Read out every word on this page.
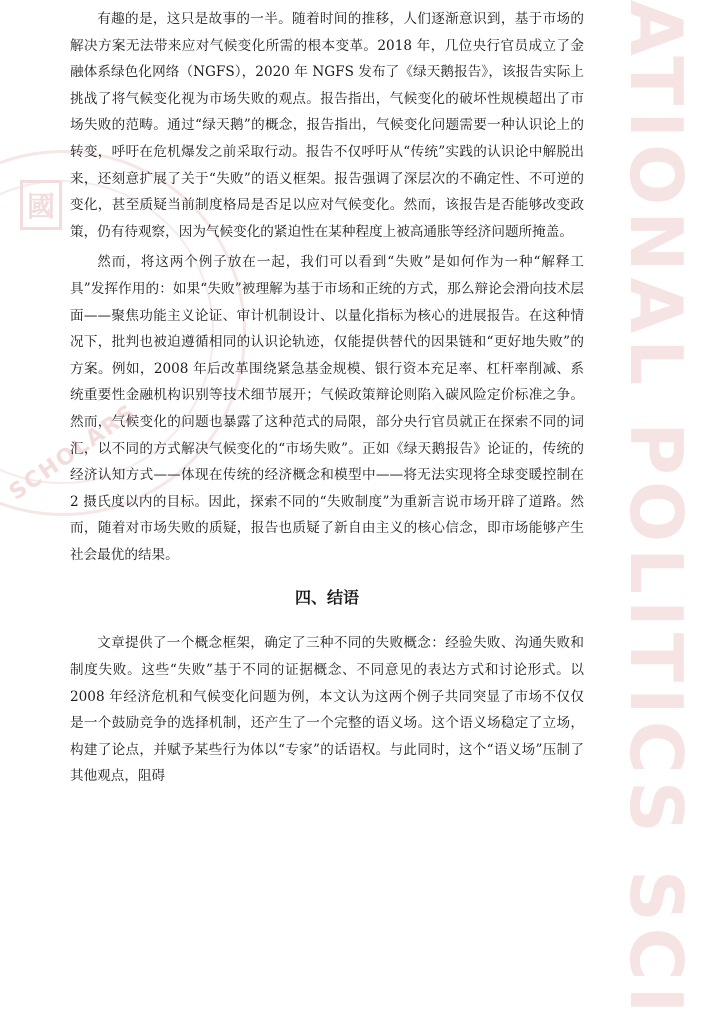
國
SCHOLARS	ATIONAL POLITICS SCI

有趣的是，这只是故事的一半。随着时间的推移，人们逐渐意识到，基于市场的解决方案无法带来应对气候变化所需的根本变革。2018 年，几位央行官员成立了金融体系绿色化网络（NGFS），2020 年 NGFS 发布了《绿天鹅报告》，该报告实际上挑战了将气候变化视为市场失败的观点。报告指出，气候变化的破坏性规模超出了市场失败的范畴。通过“绿天鹅”的概念，报告指出，气候变化问题需要一种认识论上的转变，呼吁在危机爆发之前采取行动。报告不仅呼吁从“传统”实践的认识论中解脱出来，还刻意扩展了关于“失败”的语义框架。报告强调了深层次的不确定性、不可逆的变化，甚至质疑当前制度格局是否足以应对气候变化。然而，该报告是否能够改变政策，仍有待观察，因为气候变化的紧迫性在某种程度上被高通胀等经济问题所掩盖。

然而，将这两个例子放在一起，我们可以看到“失败”是如何作为一种“解释工具”发挥作用的：如果“失败”被理解为基于市场和正统的方式，那么辩论会滑向技术层面——聚焦功能主义论证、审计机制设计、以量化指标为核心的进展报告。在这种情况下，批判也被迫遵循相同的认识论轨迹，仅能提供替代的因果链和“更好地失败”的方案。例如，2008 年后改革围绕紧急基金规模、银行资本充足率、杠杆率削减、系统重要性金融机构识别等技术细节展开；气候政策辩论则陷入碳风险定价标准之争。然而，气候变化的问题也暴露了这种范式的局限，部分央行官员就正在探索不同的词汇，以不同的方式解决气候变化的“市场失败”。正如《绿天鹅报告》论证的，传统的经济认知方式——体现在传统的经济概念和模型中——将无法实现将全球变暖控制在 2 摄氏度以内的目标。因此，探索不同的“失败制度”为重新言说市场开辟了道路。然而，随着对市场失败的质疑，报告也质疑了新自由主义的核心信念，即市场能够产生社会最优的结果。

四、结语

文章提供了一个概念框架，确定了三种不同的失败概念：经验失败、沟通失败和制度失败。这些“失败”基于不同的证据概念、不同意见的表达方式和讨论形式。以 2008 年经济危机和气候变化问题为例，本文认为这两个例子共同突显了市场不仅仅是一个鼓励竞争的选择机制，还产生了一个完整的语义场。这个语义场稳定了立场，构建了论点，并赋予某些行为体以“专家”的话语权。与此同时，这个“语义场”压制了其他观点，阻碍
